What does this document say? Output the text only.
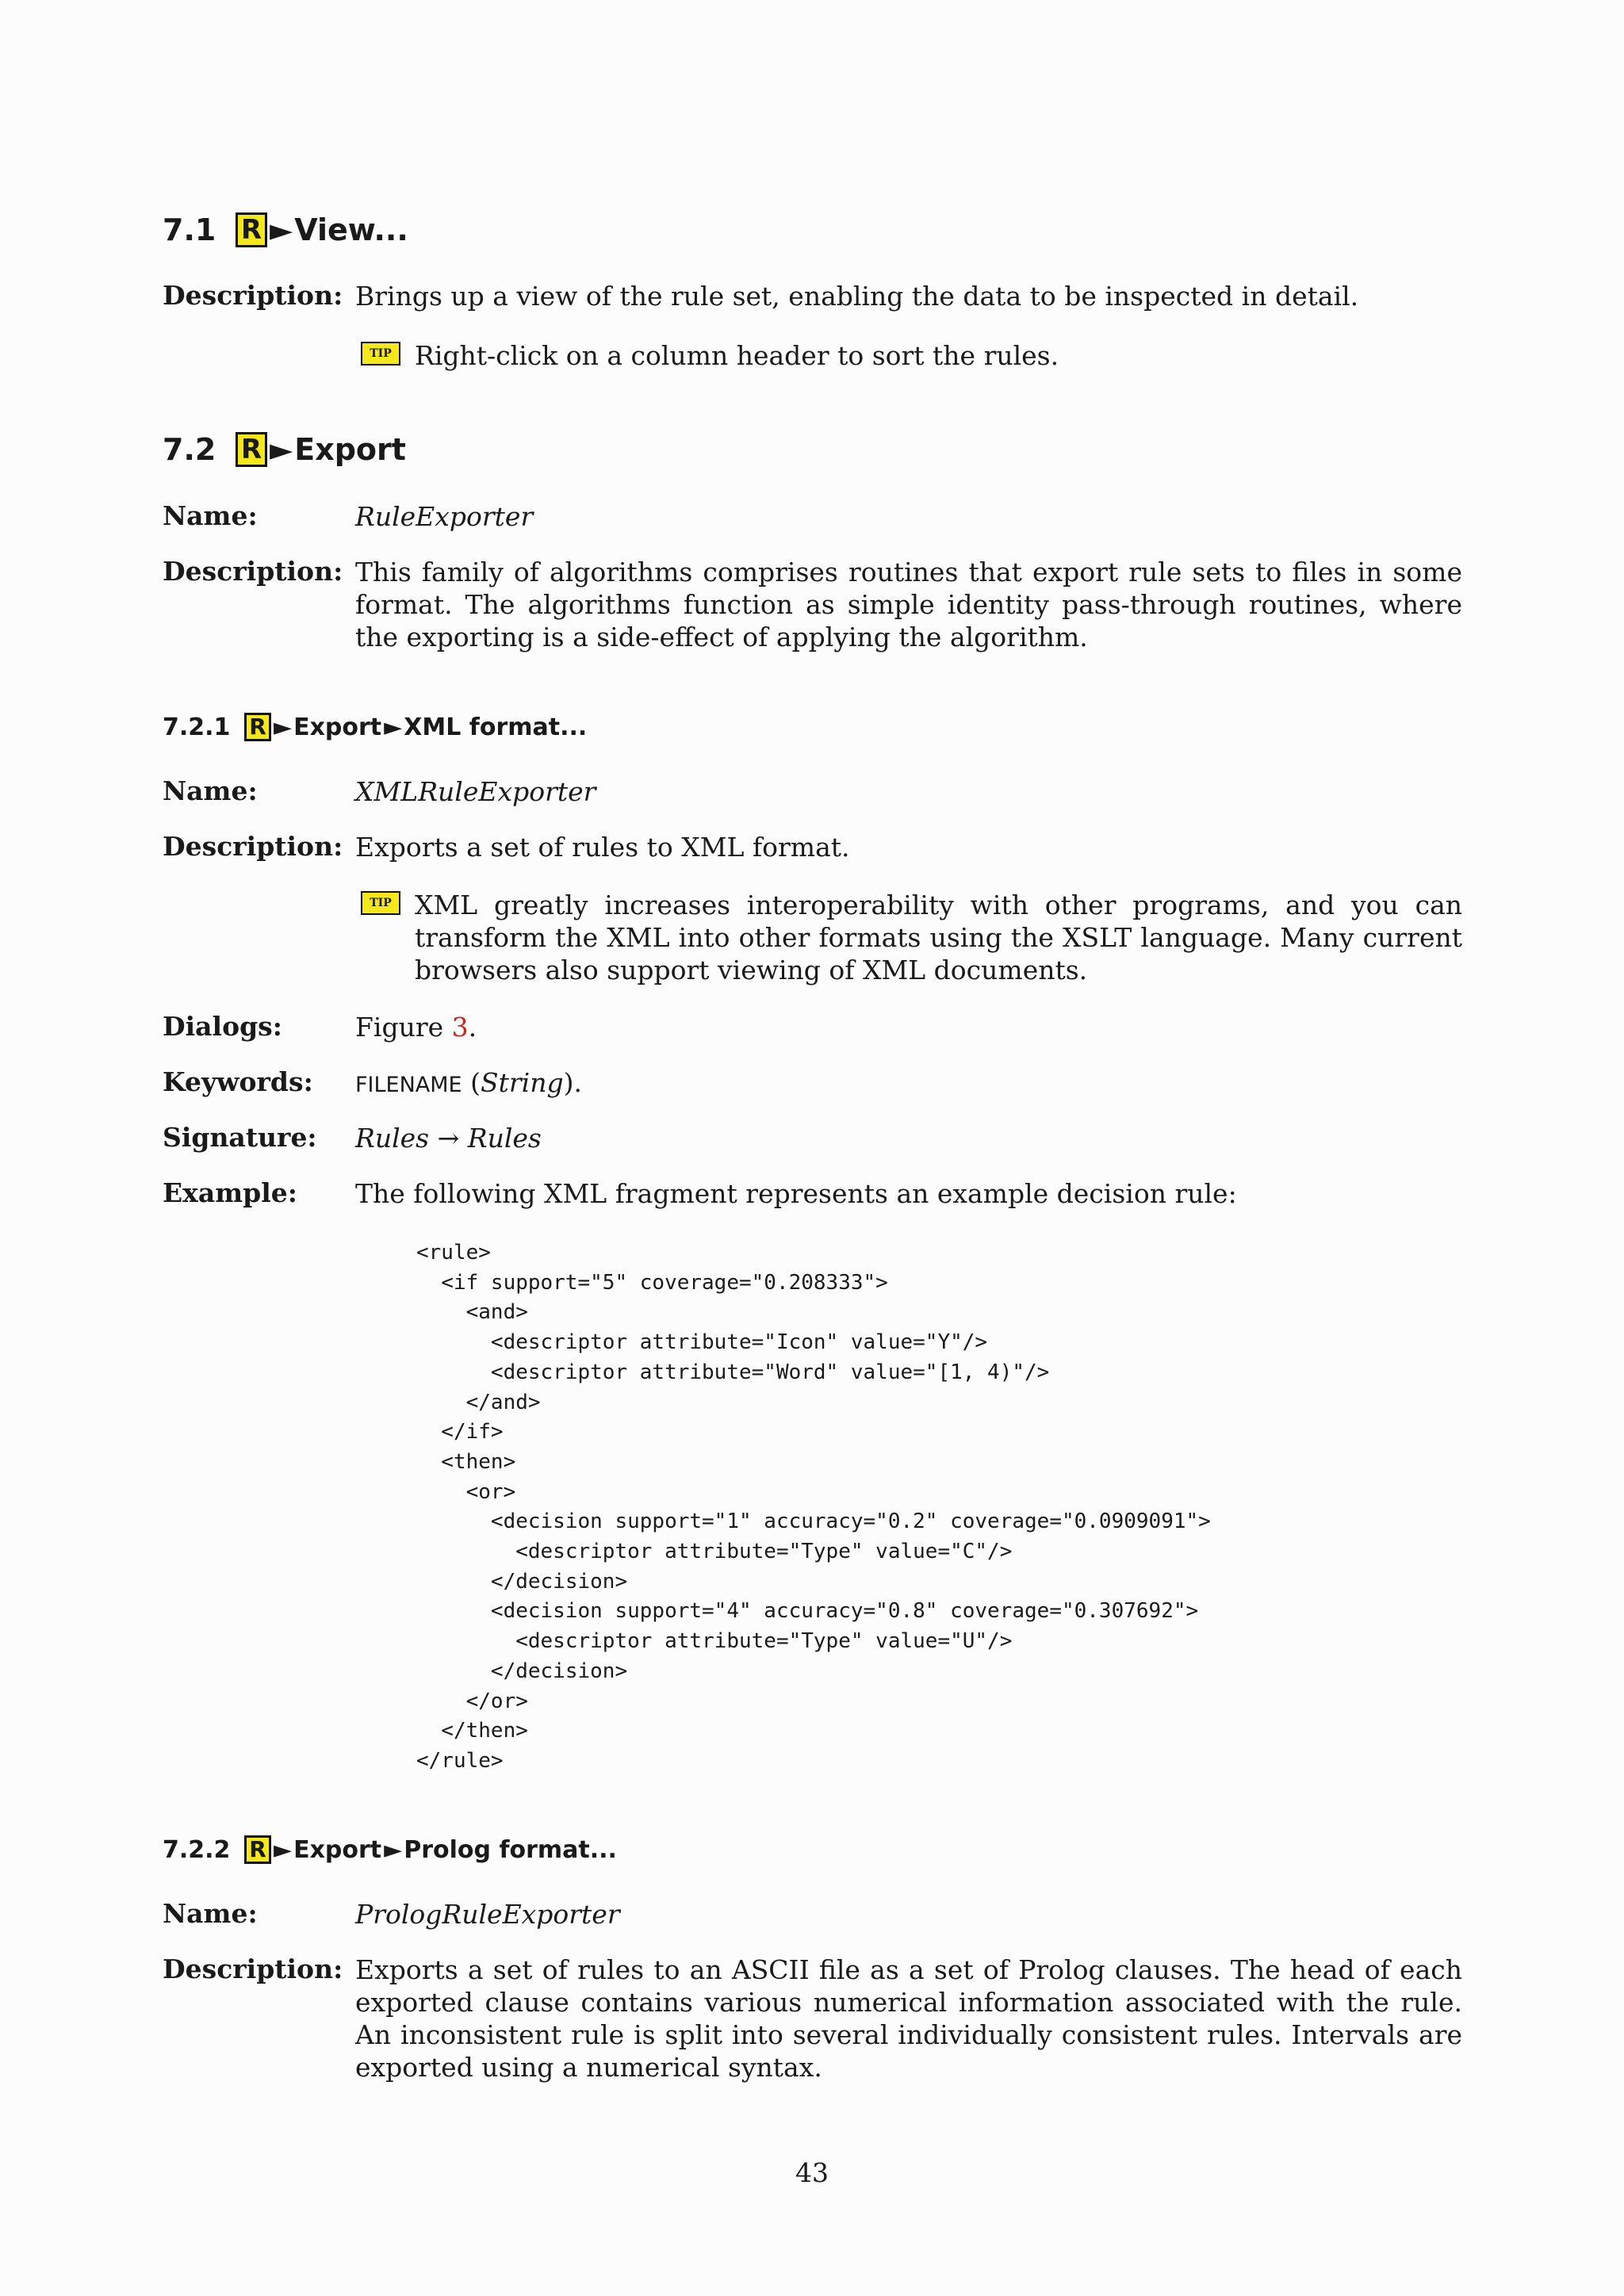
7.1 R ► View...
Description: Brings up a view of the rule set, enabling the data to be inspected in detail.
TIP Right-click on a column header to sort the rules.
7.2 R ► Export
Name:	RuleExporter
Description: This family of algorithms comprises routines that export rule sets to files in some format. The algorithms function as simple identity pass-through routines, where the exporting is a side-effect of applying the algorithm.
7.2.1 R ► Export ► XML format...
Name:	XMLRuleExporter
Description: Exports a set of rules to XML format.
TIP XML greatly increases interoperability with other programs, and you can transform the XML into other formats using the XSLT language. Many current browsers also support viewing of XML documents.
Dialogs:	Figure 3.
Keywords: FILENAME (String).
Signature: Rules → Rules
Example: The following XML fragment represents an example decision rule:
<rule>
<if support="5" coverage="0.208333">
<and>
<descriptor attribute="Icon" value="Y"/>
<descriptor attribute="Word" value="[1, 4)"/>
</and>
</if>
<then>
<or>
<decision support="1" accuracy="0.2" coverage="0.0909091">
<descriptor attribute="Type" value="C"/>
</decision>
<decision support="4" accuracy="0.8" coverage="0.307692">
<descriptor attribute="Type" value="U"/>
</decision>
</or>
</then>
</rule>
7.2.2 R ► Export ► Prolog format...
Name:	PrologRuleExporter
Description: Exports a set of rules to an ASCII file as a set of Prolog clauses. The head of each exported clause contains various numerical information associated with the rule. An inconsistent rule is split into several individually consistent rules. Intervals are exported using a numerical syntax.
43
